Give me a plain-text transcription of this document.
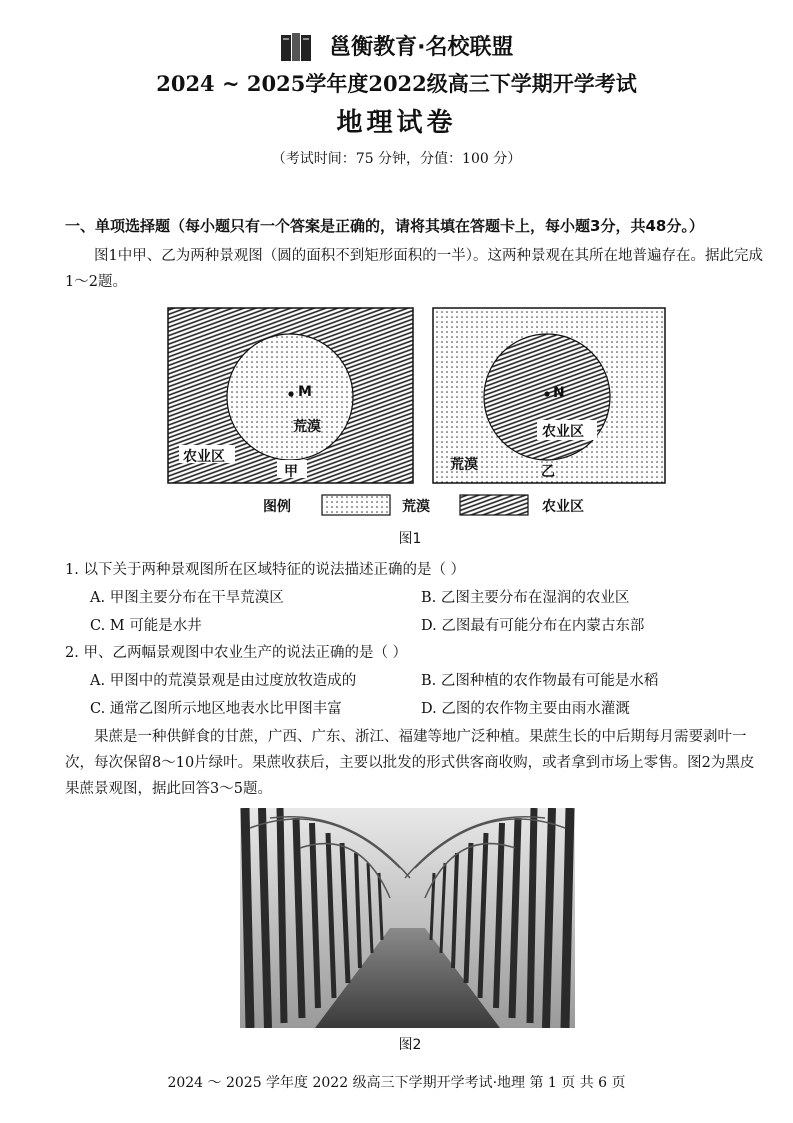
邕衡教育·名校联盟
2024 ~ 2025学年度2022级高三下学期开学考试
地理试卷
（考试时间：75 分钟，分值：100 分）
一、单项选择题（每小题只有一个答案是正确的，请将其填在答题卡上，每小题3分，共48分。）
图1中甲、乙为两种景观图（圆的面积不到矩形面积的一半）。这两种景观在其所在地普遍存在。据此完成1～2题。
M
荒漠
农业区
甲
N
农业区
荒漠	乙
图例	荒漠	农业区
图1
1. 以下关于两种景观图所在区域特征的说法描述正确的是（ ）
A. 甲图主要分布在干旱荒漠区	B. 乙图主要分布在湿润的农业区
C. M 可能是水井	D. 乙图最有可能分布在内蒙古东部
2. 甲、乙两幅景观图中农业生产的说法正确的是（ ）
A. 甲图中的荒漠景观是由过度放牧造成的	B. 乙图种植的农作物最有可能是水稻
C. 通常乙图所示地区地表水比甲图丰富	D. 乙图的农作物主要由雨水灌溉
果蔗是一种供鲜食的甘蔗，广西、广东、浙江、福建等地广泛种植。果蔗生长的中后期每月需要剥叶一次，每次保留8～10片绿叶。果蔗收获后，主要以批发的形式供客商收购，或者拿到市场上零售。图2为黑皮果蔗景观图，据此回答3～5题。
图2
2024 ～ 2025 学年度 2022 级高三下学期开学考试·地理 第 1 页 共 6 页
